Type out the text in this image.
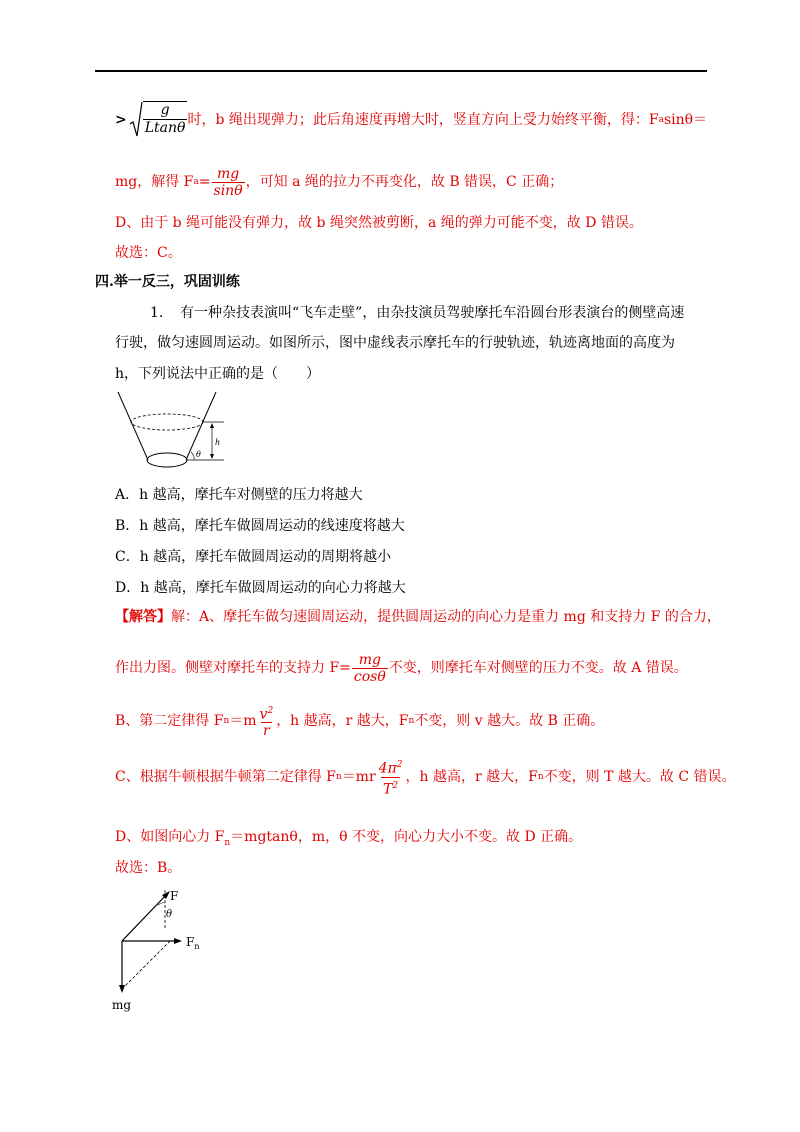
>
g
Ltanθ 时，b 绳出现弹力；此后角速度再增大时，竖直方向上受力始终平衡，得：F a sinθ＝
mg，解得 F $a = \frac{mg}{\sin\theta}$ ，可知 a 绳的拉力不再变化，故 B 错误，C 正确；
D、由于 b 绳可能没有弹力，故 b 绳突然被剪断，a 绳的弹力可能不变，故 D 错误。
故选：C。
四.举一反三，巩固训练
1. 有一种杂技表演叫“飞车走壁”，由杂技演员驾驶摩托车沿圆台形表演台的侧壁高速
行驶，做匀速圆周运动。如图所示，图中虚线表示摩托车的行驶轨迹，轨迹离地面的高度为
h，下列说法中正确的是（　　）
h
θ
A．h 越高，摩托车对侧壁的压力将越大
B．h 越高，摩托车做圆周运动的线速度将越大
C．h 越高，摩托车做圆周运动的周期将越小
D．h 越高，摩托车做圆周运动的向心力将越大
【解答】解：A、摩托车做匀速圆周运动，提供圆周运动的向心力是重力 mg 和支持力 F 的合力，
作出力图。侧壁对摩托车的支持力 $F= \frac{mg}{\cos\theta}$ 不变，则摩托车对侧壁的压力不变。故 A 错误。
B、第二定律得 F $n =m \frac{v^2}{r}$ ，h 越高，r 越大，F n 不变，则 v 越大。故 B 正确。
C、根据牛顿根据牛顿第二定律得 F $n =mr \frac{4\pi^2}{T^2}$ ，h 越高，r 越大，F n 不变，则 T 越大。故 C 错误。
D、如图向心力 $F_n=mgtan\theta$，m，θ 不变，向心力大小不变。故 D 正确。
故选：B。
F
θ
$F_n$
mg
